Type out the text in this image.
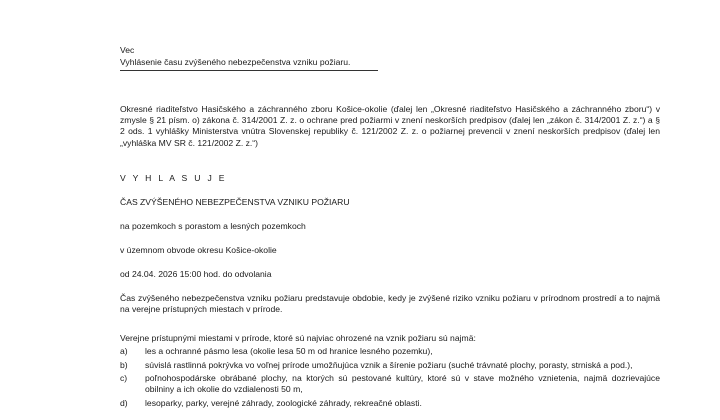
Vec
Vyhlásenie času zvýšeného nebezpečenstva vzniku požiaru.

Okresné riaditeľstvo Hasičského a záchranného zboru Košice-okolie (ďalej len „Okresné riaditeľstvo Hasičského a záchranného zboru“) v zmysle § 21 písm. o) zákona č. 314/2001 Z. z. o ochrane pred požiarmi v znení neskorších predpisov (ďalej len „zákon č. 314/2001 Z. z.“) a § 2 ods. 1 vyhlášky Ministerstva vnútra Slovenskej republiky č. 121/2002 Z. z. o požiarnej prevencii v znení neskorších predpisov (ďalej len „vyhláška MV SR č. 121/2002 Z. z.“)

V Y H L A S U J E
ČAS ZVÝŠENÉHO NEBEZPEČENSTVA VZNIKU POŽIARU
na pozemkoch s porastom a lesných pozemkoch
v územnom obvode okresu Košice-okolie
od 24.04. 2026 15:00 hod. do odvolania
Čas zvýšeného nebezpečenstva vzniku požiaru predstavuje obdobie, kedy je zvýšené riziko vzniku požiaru v prírodnom prostredí a to najmä na verejne prístupných miestach v prírode.
Verejne prístupnými miestami v prírode, ktoré sú najviac ohrozené na vznik požiaru sú najmä:
a) les a ochranné pásmo lesa (okolie lesa 50 m od hranice lesného pozemku),
b) súvislá rastlinná pokrývka vo voľnej prírode umožňujúca vznik a šírenie požiaru (suché trávnaté plochy, porasty, strniská a pod.),
c) poľnohospodárske obrábané plochy, na ktorých sú pestované kultúry, ktoré sú v stave možného vznietenia, najmä dozrievajúce obilniny a ich okolie do vzdialenosti 50 m,
d) lesoparky, parky, verejné záhrady, zoologické záhrady, rekreačné oblasti.
